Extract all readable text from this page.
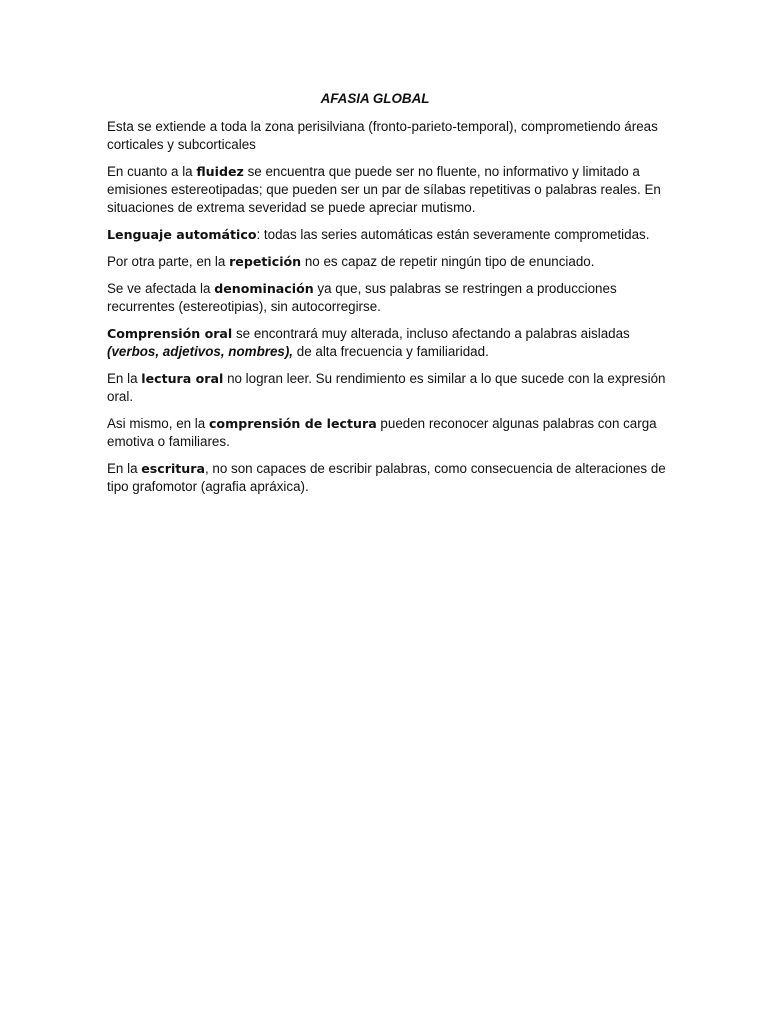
AFASIA GLOBAL

Esta se extiende a toda la zona perisilviana (fronto-parieto-temporal), comprometiendo áreas corticales y subcorticales

En cuanto a la fluidez se encuentra que puede ser no fluente, no informativo y limitado a emisiones estereotipadas; que pueden ser un par de sílabas repetitivas o palabras reales. En situaciones de extrema severidad se puede apreciar mutismo.

Lenguaje automático: todas las series automáticas están severamente comprometidas.

Por otra parte, en la repetición no es capaz de repetir ningún tipo de enunciado.

Se ve afectada la denominación ya que, sus palabras se restringen a producciones recurrentes (estereotipias), sin autocorregirse.

Comprensión oral se encontrará muy alterada, incluso afectando a palabras aisladas (verbos, adjetivos, nombres), de alta frecuencia y familiaridad.

En la lectura oral no logran leer. Su rendimiento es similar a lo que sucede con la expresión oral.

Asi mismo, en la comprensión de lectura pueden reconocer algunas palabras con carga emotiva o familiares.

En la escritura, no son capaces de escribir palabras, como consecuencia de alteraciones de tipo grafomotor (agrafia apráxica).
